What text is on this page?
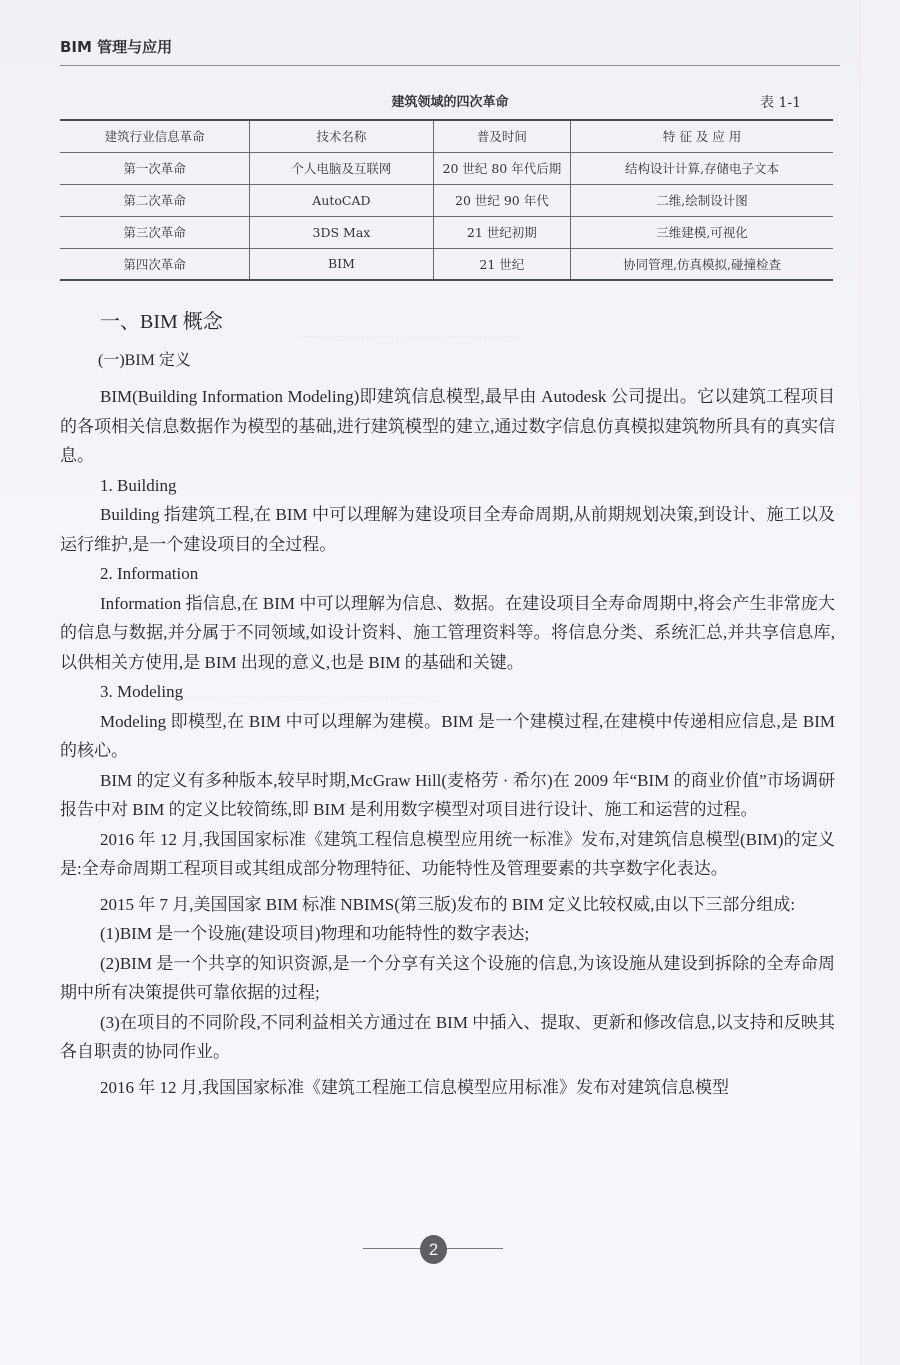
··························································
········································································
BIM 管理与应用
建筑领域的四次革命	表 1-1
建筑行业信息革命	技术名称	普及时间	特 征 及 应 用
第一次革命	个人电脑及互联网	20 世纪 80 年代后期	结构设计计算,存储电子文本
第二次革命	AutoCAD	20 世纪 90 年代	二维,绘制设计图
第三次革命	3DS Max	21 世纪初期	三维建模,可视化
第四次革命	BIM	21 世纪	协同管理,仿真模拟,碰撞检查
一、BIM 概念
(一)BIM 定义

BIM(Building Information Modeling)即建筑信息模型,最早由 Autodesk 公司提出。它以建筑工程项目的各项相关信息数据作为模型的基础,进行建筑模型的建立,通过数字信息仿真模拟建筑物所具有的真实信息。

1. Building

Building 指建筑工程,在 BIM 中可以理解为建设项目全寿命周期,从前期规划决策,到设计、施工以及运行维护,是一个建设项目的全过程。

2. Information

Information 指信息,在 BIM 中可以理解为信息、数据。在建设项目全寿命周期中,将会产生非常庞大的信息与数据,并分属于不同领域,如设计资料、施工管理资料等。将信息分类、系统汇总,并共享信息库,以供相关方使用,是 BIM 出现的意义,也是 BIM 的基础和关键。

3. Modeling

Modeling 即模型,在 BIM 中可以理解为建模。BIM 是一个建模过程,在建模中传递相应信息,是 BIM 的核心。

BIM 的定义有多种版本,较早时期,McGraw Hill(麦格劳 · 希尔)在 2009 年“BIM 的商业价值”市场调研报告中对 BIM 的定义比较简练,即 BIM 是利用数字模型对项目进行设计、施工和运营的过程。

2016 年 12 月,我国国家标准《建筑工程信息模型应用统一标准》发布,对建筑信息模型(BIM)的定义是:全寿命周期工程项目或其组成部分物理特征、功能特性及管理要素的共享数字化表达。

2015 年 7 月,美国国家 BIM 标准 NBIMS(第三版)发布的 BIM 定义比较权威,由以下三部分组成:

(1)BIM 是一个设施(建设项目)物理和功能特性的数字表达;

(2)BIM 是一个共享的知识资源,是一个分享有关这个设施的信息,为该设施从建设到拆除的全寿命周期中所有决策提供可靠依据的过程;

(3)在项目的不同阶段,不同利益相关方通过在 BIM 中插入、提取、更新和修改信息,以支持和反映其各自职责的协同作业。

2016 年 12 月,我国国家标准《建筑工程施工信息模型应用标准》发布对建筑信息模型

2
